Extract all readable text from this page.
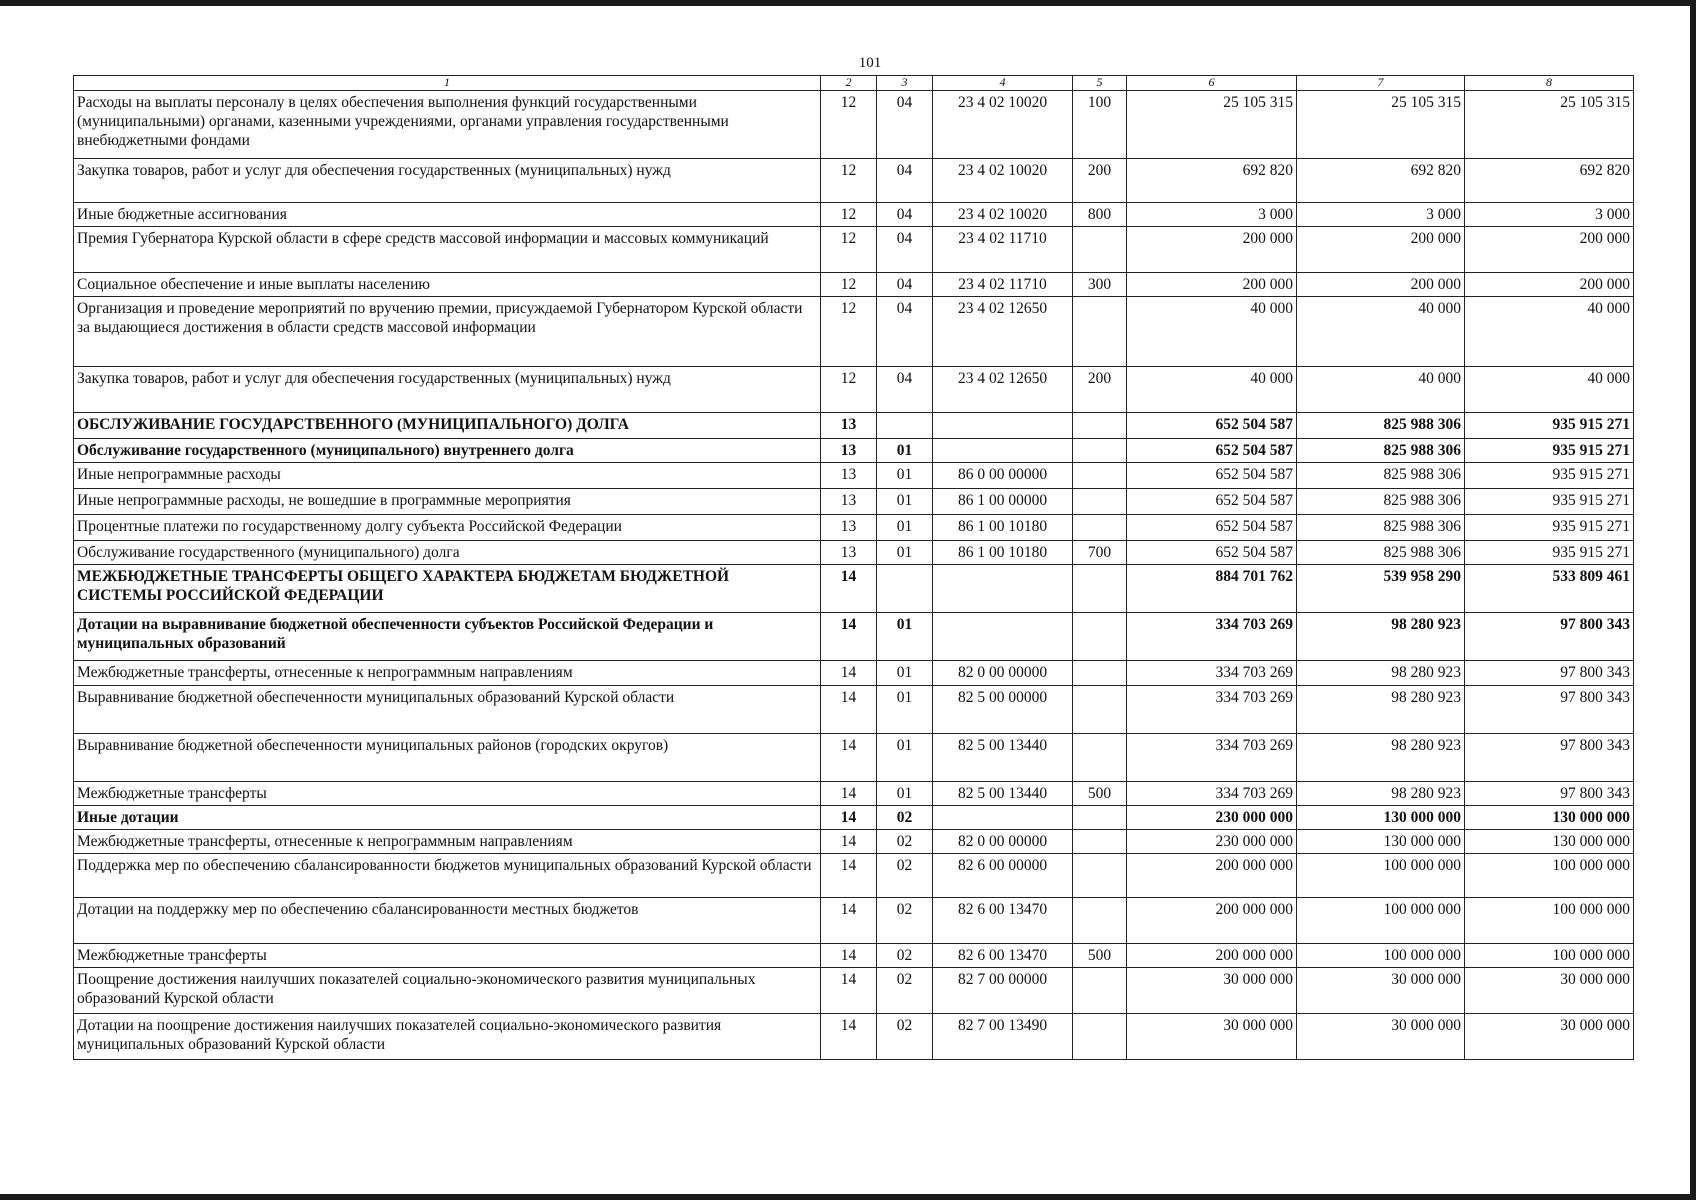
101
1	2	3	4	5	6	7	8
Расходы на выплаты персоналу в целях обеспечения выполнения функций государственными (муниципальными) органами, казенными учреждениями, органами управления государственными внебюджетными фондами	12	04	23 4 02 10020	100	25 105 315	25 105 315	25 105 315
Закупка товаров, работ и услуг для обеспечения государственных (муниципальных) нужд	12	04	23 4 02 10020	200	692 820	692 820	692 820
Иные бюджетные ассигнования	12	04	23 4 02 10020	800	3 000	3 000	3 000
Премия Губернатора Курской области в сфере средств массовой информации и массовых коммуникаций	12	04	23 4 02 11710		200 000	200 000	200 000
Социальное обеспечение и иные выплаты населению	12	04	23 4 02 11710	300	200 000	200 000	200 000
Организация и проведение мероприятий по вручению премии, присуждаемой Губернатором Курской области за выдающиеся достижения в области средств массовой информации	12	04	23 4 02 12650		40 000	40 000	40 000
Закупка товаров, работ и услуг для обеспечения государственных (муниципальных) нужд	12	04	23 4 02 12650	200	40 000	40 000	40 000
ОБСЛУЖИВАНИЕ ГОСУДАРСТВЕННОГО (МУНИЦИПАЛЬНОГО) ДОЛГА	13				652 504 587	825 988 306	935 915 271
Обслуживание государственного (муниципального) внутреннего долга	13	01			652 504 587	825 988 306	935 915 271
Иные непрограммные расходы	13	01	86 0 00 00000		652 504 587	825 988 306	935 915 271
Иные непрограммные расходы, не вошедшие в программные мероприятия	13	01	86 1 00 00000		652 504 587	825 988 306	935 915 271
Процентные платежи по государственному долгу субъекта Российской Федерации	13	01	86 1 00 10180		652 504 587	825 988 306	935 915 271
Обслуживание государственного (муниципального) долга	13	01	86 1 00 10180	700	652 504 587	825 988 306	935 915 271
МЕЖБЮДЖЕТНЫЕ ТРАНСФЕРТЫ ОБЩЕГО ХАРАКТЕРА БЮДЖЕТАМ БЮДЖЕТНОЙ СИСТЕМЫ РОССИЙСКОЙ ФЕДЕРАЦИИ	14				884 701 762	539 958 290	533 809 461
Дотации на выравнивание бюджетной обеспеченности субъектов Российской Федерации и муниципальных образований	14	01			334 703 269	98 280 923	97 800 343
Межбюджетные трансферты, отнесенные к непрограммным направлениям	14	01	82 0 00 00000		334 703 269	98 280 923	97 800 343
Выравнивание бюджетной обеспеченности муниципальных образований Курской области	14	01	82 5 00 00000		334 703 269	98 280 923	97 800 343
Выравнивание бюджетной обеспеченности муниципальных районов (городских округов)	14	01	82 5 00 13440		334 703 269	98 280 923	97 800 343
Межбюджетные трансферты	14	01	82 5 00 13440	500	334 703 269	98 280 923	97 800 343
Иные дотации	14	02			230 000 000	130 000 000	130 000 000
Межбюджетные трансферты, отнесенные к непрограммным направлениям	14	02	82 0 00 00000		230 000 000	130 000 000	130 000 000
Поддержка мер по обеспечению сбалансированности бюджетов муниципальных образований Курской области	14	02	82 6 00 00000		200 000 000	100 000 000	100 000 000
Дотации на поддержку мер по обеспечению сбалансированности местных бюджетов	14	02	82 6 00 13470		200 000 000	100 000 000	100 000 000
Межбюджетные трансферты	14	02	82 6 00 13470	500	200 000 000	100 000 000	100 000 000
Поощрение достижения наилучших показателей социально-экономического развития муниципальных образований Курской области	14	02	82 7 00 00000		30 000 000	30 000 000	30 000 000
Дотации на поощрение достижения наилучших показателей социально-экономического развития муниципальных образований Курской области	14	02	82 7 00 13490		30 000 000	30 000 000	30 000 000
